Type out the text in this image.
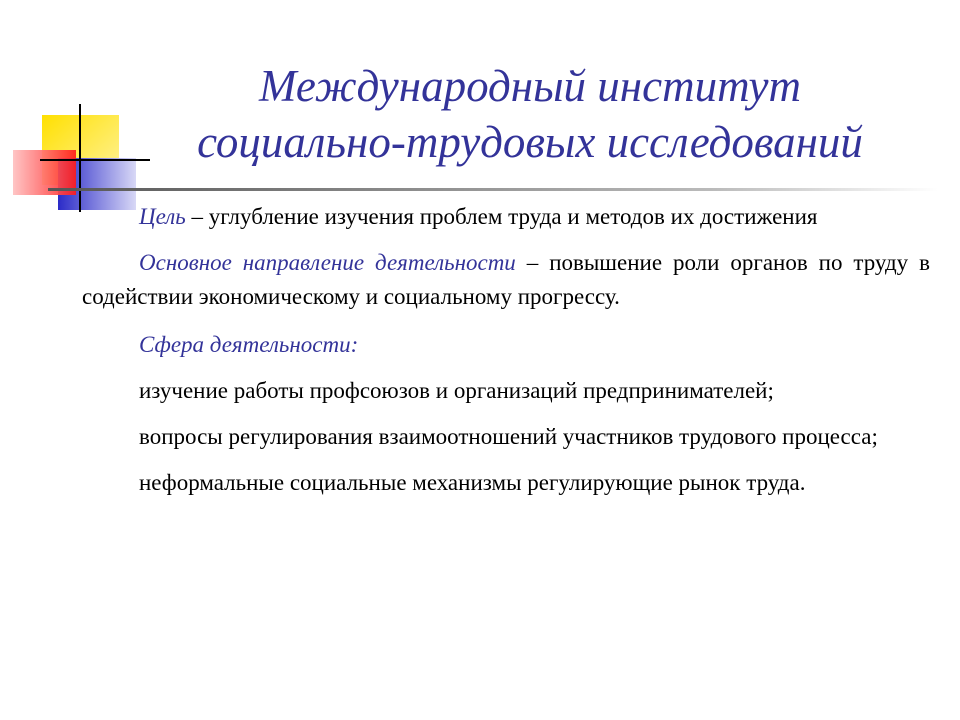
Международный институт
социально-трудовых исследований

Цель – углубление изучения проблем труда и методов их достижения

Основное направление деятельности – повышение роли органов по труду в содействии экономическому и социальному прогрессу.

Сфера деятельности:

изучение работы профсоюзов и организаций предпринимателей;

вопросы регулирования взаимоотношений участников трудового процесса;

неформальные социальные механизмы регулирующие рынок труда.
